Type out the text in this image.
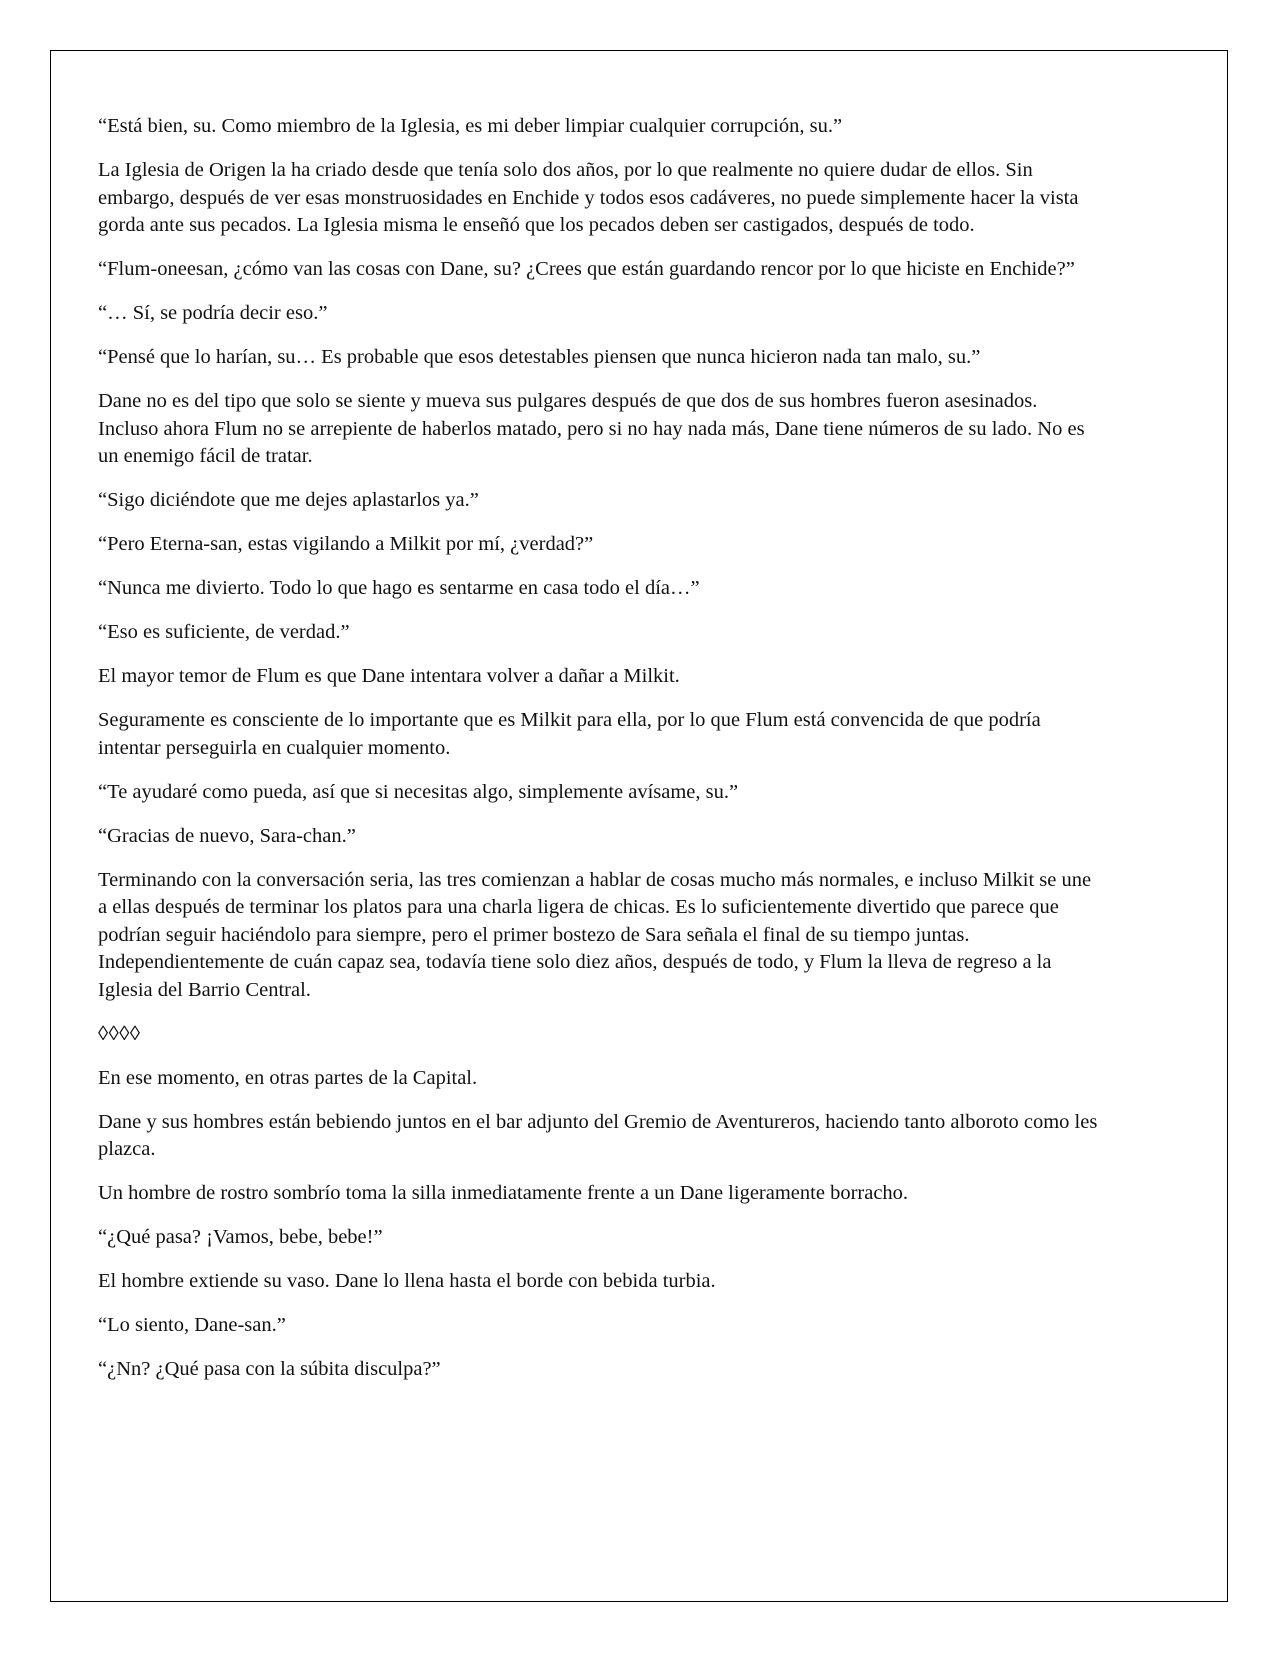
“Está bien, su. Como miembro de la Iglesia, es mi deber limpiar cualquier corrupción, su.”

La Iglesia de Origen la ha criado desde que tenía solo dos años, por lo que realmente no quiere dudar de ellos. Sin embargo, después de ver esas monstruosidades en Enchide y todos esos cadáveres, no puede simplemente hacer la vista gorda ante sus pecados. La Iglesia misma le enseñó que los pecados deben ser castigados, después de todo.

“Flum-oneesan, ¿cómo van las cosas con Dane, su? ¿Crees que están guardando rencor por lo que hiciste en Enchide?”

“… Sí, se podría decir eso.”

“Pensé que lo harían, su… Es probable que esos detestables piensen que nunca hicieron nada tan malo, su.”

Dane no es del tipo que solo se siente y mueva sus pulgares después de que dos de sus hombres fueron asesinados. Incluso ahora Flum no se arrepiente de haberlos matado, pero si no hay nada más, Dane tiene números de su lado. No es un enemigo fácil de tratar.

“Sigo diciéndote que me dejes aplastarlos ya.”

“Pero Eterna-san, estas vigilando a Milkit por mí, ¿verdad?”

“Nunca me divierto. Todo lo que hago es sentarme en casa todo el día…”

“Eso es suficiente, de verdad.”

El mayor temor de Flum es que Dane intentara volver a dañar a Milkit.

Seguramente es consciente de lo importante que es Milkit para ella, por lo que Flum está convencida de que podría intentar perseguirla en cualquier momento.

“Te ayudaré como pueda, así que si necesitas algo, simplemente avísame, su.”

“Gracias de nuevo, Sara-chan.”

Terminando con la conversación seria, las tres comienzan a hablar de cosas mucho más normales, e incluso Milkit se une a ellas después de terminar los platos para una charla ligera de chicas. Es lo suficientemente divertido que parece que podrían seguir haciéndolo para siempre, pero el primer bostezo de Sara señala el final de su tiempo juntas. Independientemente de cuán capaz sea, todavía tiene solo diez años, después de todo, y Flum la lleva de regreso a la Iglesia del Barrio Central.

◊◊◊◊

En ese momento, en otras partes de la Capital.

Dane y sus hombres están bebiendo juntos en el bar adjunto del Gremio de Aventureros, haciendo tanto alboroto como les plazca.

Un hombre de rostro sombrío toma la silla inmediatamente frente a un Dane ligeramente borracho.

“¿Qué pasa? ¡Vamos, bebe, bebe!”

El hombre extiende su vaso. Dane lo llena hasta el borde con bebida turbia.

“Lo siento, Dane-san.”

“¿Nn? ¿Qué pasa con la súbita disculpa?”
